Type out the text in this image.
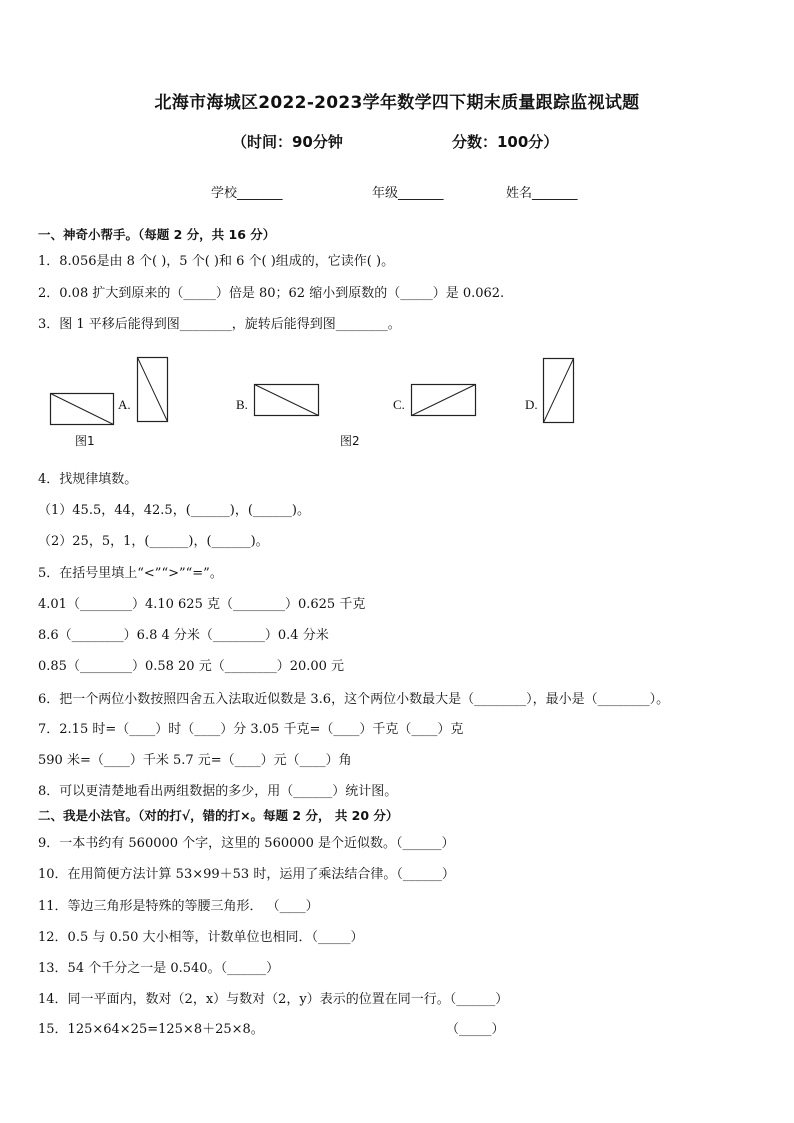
北海市海城区2022-2023学年数学四下期末质量跟踪监视试题
（时间：90分钟	分数：100分）
学校_______	年级_______	姓名_______
一、神奇小帮手。（每题 2 分，共 16 分）
1．8.056是由 8 个( )，5 个( )和 6 个( )组成的，它读作( )。
2．0.08 扩大到原来的（_____）倍是 80；62 缩小到原数的（_____）是 0.062.
3．图 1 平移后能得到图________，旋转后能得到图________。
A.	B.	C.	D.
图1	图2
4．找规律填数。
（1）45.5，44，42.5，(______)，(______)。
（2）25，5，1，(______)，(______)。
5．在括号里填上“<”“>”“=”。
4.01（________）4.10 625 克（________）0.625 千克
8.6（________）6.8 4 分米（________）0.4 分米
0.85（________）0.58 20 元（________）20.00 元
6．把一个两位小数按照四舍五入法取近似数是 3.6，这个两位小数最大是（________），最小是（________）。
7．2.15 时=（____）时（____）分 3.05 千克=（____）千克（____）克
590 米=（____）千米 5.7 元=（____）元（____）角
8．可以更清楚地看出两组数据的多少，用（______）统计图。
二、我是小法官。（对的打√，错的打×。每题 2 分， 共 20 分）
9．一本书约有 560000 个字，这里的 560000 是个近似数。（______）
10．在用简便方法计算 53×99＋53 时，运用了乘法结合律。（______）
11．等边三角形是特殊的等腰三角形． （____）
12．0.5 与 0.50 大小相等，计数单位也相同．（_____）
13．54 个千分之一是 0.540。（______）
14．同一平面内，数对（2，x）与数对（2，y）表示的位置在同一行。（______）
15．125×64×25=125×8＋25×8。	（_____）
